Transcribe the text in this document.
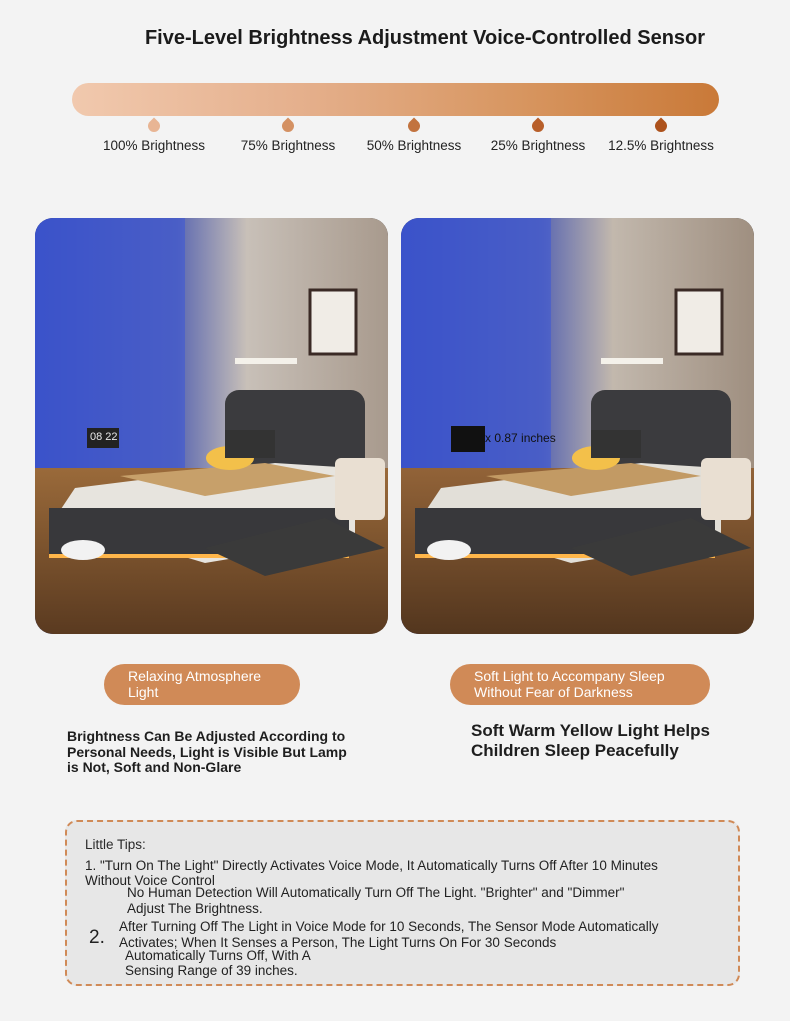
Five-Level Brightness Adjustment Voice-Controlled Sensor
100% Brightness	75% Brightness	50% Brightness	25% Brightness	12.5% Brightness
08 22	x 0.87 inches
Relaxing Atmosphere
Light
Soft Light to Accompany Sleep
Without Fear of Darkness
Brightness Can Be Adjusted According to Personal Needs, Light is Visible But Lamp is Not, Soft and Non-Glare
Soft Warm Yellow Light Helps Children Sleep Peacefully
Little Tips:
1. "Turn On The Light" Directly Activates Voice Mode, It Automatically Turns Off After 10 Minutes
Without Voice Control
No Human Detection Will Automatically Turn Off The Light. "Brighter" and "Dimmer"
Adjust The Brightness.
2.
After Turning Off The Light in Voice Mode for 10 Seconds, The Sensor Mode Automatically
Activates; When It Senses a Person, The Light Turns On For 30 Seconds
Automatically Turns Off, With A
Sensing Range of 39 inches.
